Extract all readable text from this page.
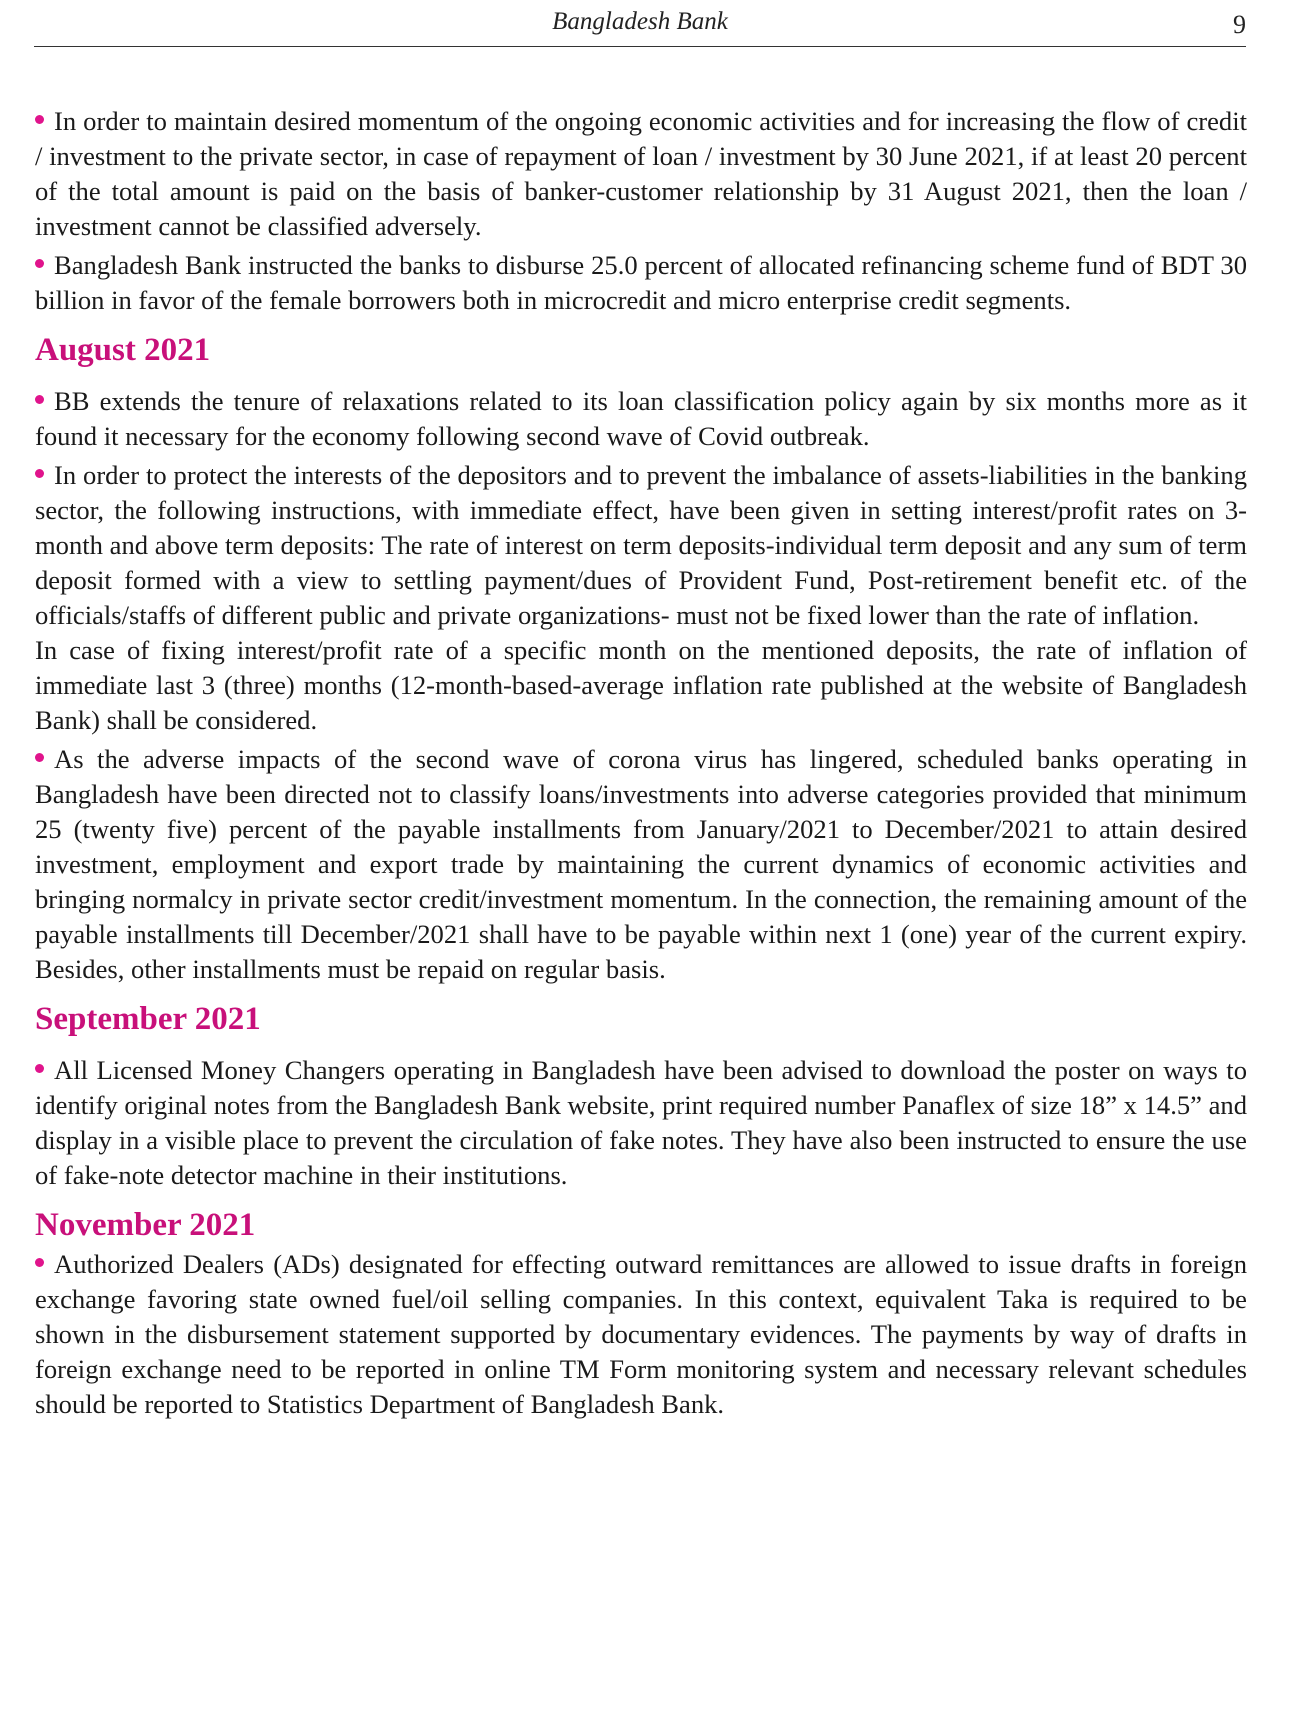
Bangladesh Bank	9

In order to maintain desired momentum of the ongoing economic activities and for increasing the flow of credit / investment to the private sector, in case of repayment of loan / investment by 30 June 2021, if at least 20 percent of the total amount is paid on the basis of banker-customer relationship by 31 August 2021, then the loan / investment cannot be classified adversely.

Bangladesh Bank instructed the banks to disburse 25.0 percent of allocated refinancing scheme fund of BDT 30 billion in favor of the female borrowers both in microcredit and micro enterprise credit segments.

August 2021

BB extends the tenure of relaxations related to its loan classification policy again by six months more as it found it necessary for the economy following second wave of Covid outbreak.

In order to protect the interests of the depositors and to prevent the imbalance of assets-liabilities in the banking sector, the following instructions, with immediate effect, have been given in setting interest/profit rates on 3-month and above term deposits: The rate of interest on term deposits-individual term deposit and any sum of term deposit formed with a view to settling payment/dues of Provident Fund, Post-retirement benefit etc. of the officials/staffs of different public and private organizations- must not be fixed lower than the rate of inflation.

In case of fixing interest/profit rate of a specific month on the mentioned deposits, the rate of inflation of immediate last 3 (three) months (12-month-based-average inflation rate published at the website of Bangladesh Bank) shall be considered.

As the adverse impacts of the second wave of corona virus has lingered, scheduled banks operating in Bangladesh have been directed not to classify loans/investments into adverse categories provided that minimum 25 (twenty five) percent of the payable installments from January/2021 to December/2021 to attain desired investment, employment and export trade by maintaining the current dynamics of economic activities and bringing normalcy in private sector credit/investment momentum. In the connection, the remaining amount of the payable installments till December/2021 shall have to be payable within next 1 (one) year of the current expiry. Besides, other installments must be repaid on regular basis.

September 2021

All Licensed Money Changers operating in Bangladesh have been advised to download the poster on ways to identify original notes from the Bangladesh Bank website, print required number Panaflex of size 18” x 14.5” and display in a visible place to prevent the circulation of fake notes. They have also been instructed to ensure the use of fake-note detector machine in their institutions.

November 2021

Authorized Dealers (ADs) designated for effecting outward remittances are allowed to issue drafts in foreign exchange favoring state owned fuel/oil selling companies. In this context, equivalent Taka is required to be shown in the disbursement statement supported by documentary evidences. The payments by way of drafts in foreign exchange need to be reported in online TM Form monitoring system and necessary relevant schedules should be reported to Statistics Department of Bangladesh Bank.
